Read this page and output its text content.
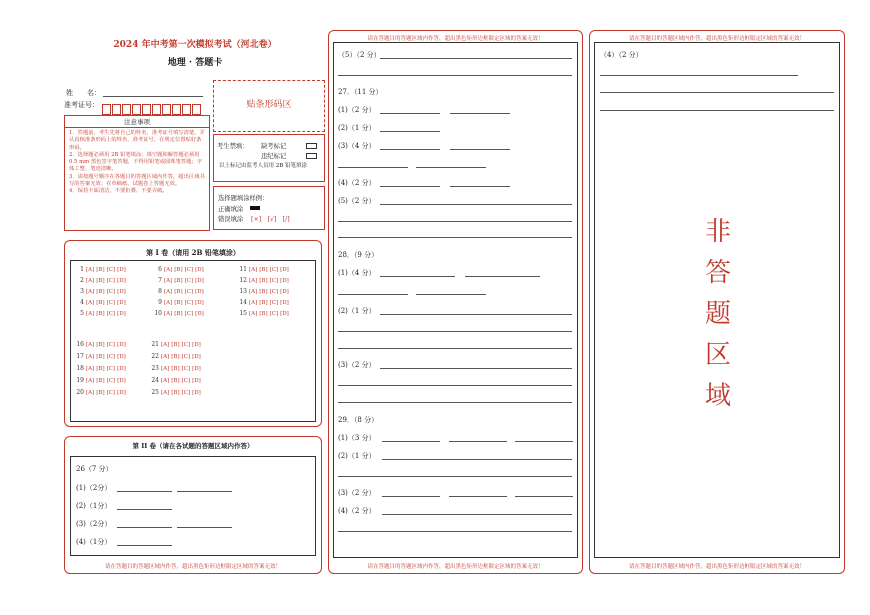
2024 年中考第一次模拟考试（河北卷）
地理 · 答题卡
姓　　名：
准考证号：	贴条形码区
注意事项
1．答题前，考生先将自己的姓名、准考证号填写清楚，并认真核准条形码上的姓名、准考证号，在规定位置贴好条形码。
2．选择题必须用 2B 铅笔填涂；填空题和解答题必须用 0.5 mm 黑色签字笔答题，不得用铅笔或圆珠笔答题；字体工整、笔迹清晰。
3．请按题号顺序在各题目的答题区域内作答，超出区域书写的答案无效；在草稿纸、试题卷上答题无效。
4．保持卡面清洁，不要折叠、不要弄破。
考生禁填： 缺考标记
违纪标记
以上标记由监考人员用 2B 铅笔填涂
选择题填涂样例：
正确填涂
错误填涂 [×]　[√]　[/]
第 I 卷（请用 2B 铅笔填涂）
1 [A] [B] [C] [D]
2 [A] [B] [C] [D]
3 [A] [B] [C] [D]
4 [A] [B] [C] [D]
5 [A] [B] [C] [D]
6 [A] [B] [C] [D]
7 [A] [B] [C] [D]
8 [A] [B] [C] [D]
9 [A] [B] [C] [D]
10 [A] [B] [C] [D]
11 [A] [B] [C] [D]
12 [A] [B] [C] [D]
13 [A] [B] [C] [D]
14 [A] [B] [C] [D]
15 [A] [B] [C] [D]
16 [A] [B] [C] [D]
17 [A] [B] [C] [D]
18 [A] [B] [C] [D]
19 [A] [B] [C] [D]
20 [A] [B] [C] [D]
21 [A] [B] [C] [D]
22 [A] [B] [C] [D]
23 [A] [B] [C] [D]
24 [A] [B] [C] [D]
25 [A] [B] [C] [D]
第 II 卷（请在各试题的答题区域内作答）
26（7 分）
(1)（2分）
(2)（1分）
(3)（2分）
(4)（1分）
请在答题目的答题区域内作答，超出黑色矩形边框限定区域的答案无效！
请在答题目的答题区域内作答，超出黑色矩形边框限定区域的答案无效！
请在答题目的答题区域内作答，超出黑色矩形边框限定区域的答案无效！
（5）（2 分）
27．（11 分）
(1)（2 分）
(2)（1 分）
(3)（4 分）
(4)（2 分）
(5)（2 分）
28．（9 分）
(1)（4 分）
(2)（1 分）
(3)（2 分）
29．（8 分）
(1)（3 分）
(2)（1 分）
(3)（2 分）
(4)（2 分）
请在答题目的答题区域内作答，超出黑色矩形边框限定区域的答案无效！
请在答题目的答题区域内作答，超出黑色矩形边框限定区域的答案无效！
（4）（2 分）
非
答
题
区
域
